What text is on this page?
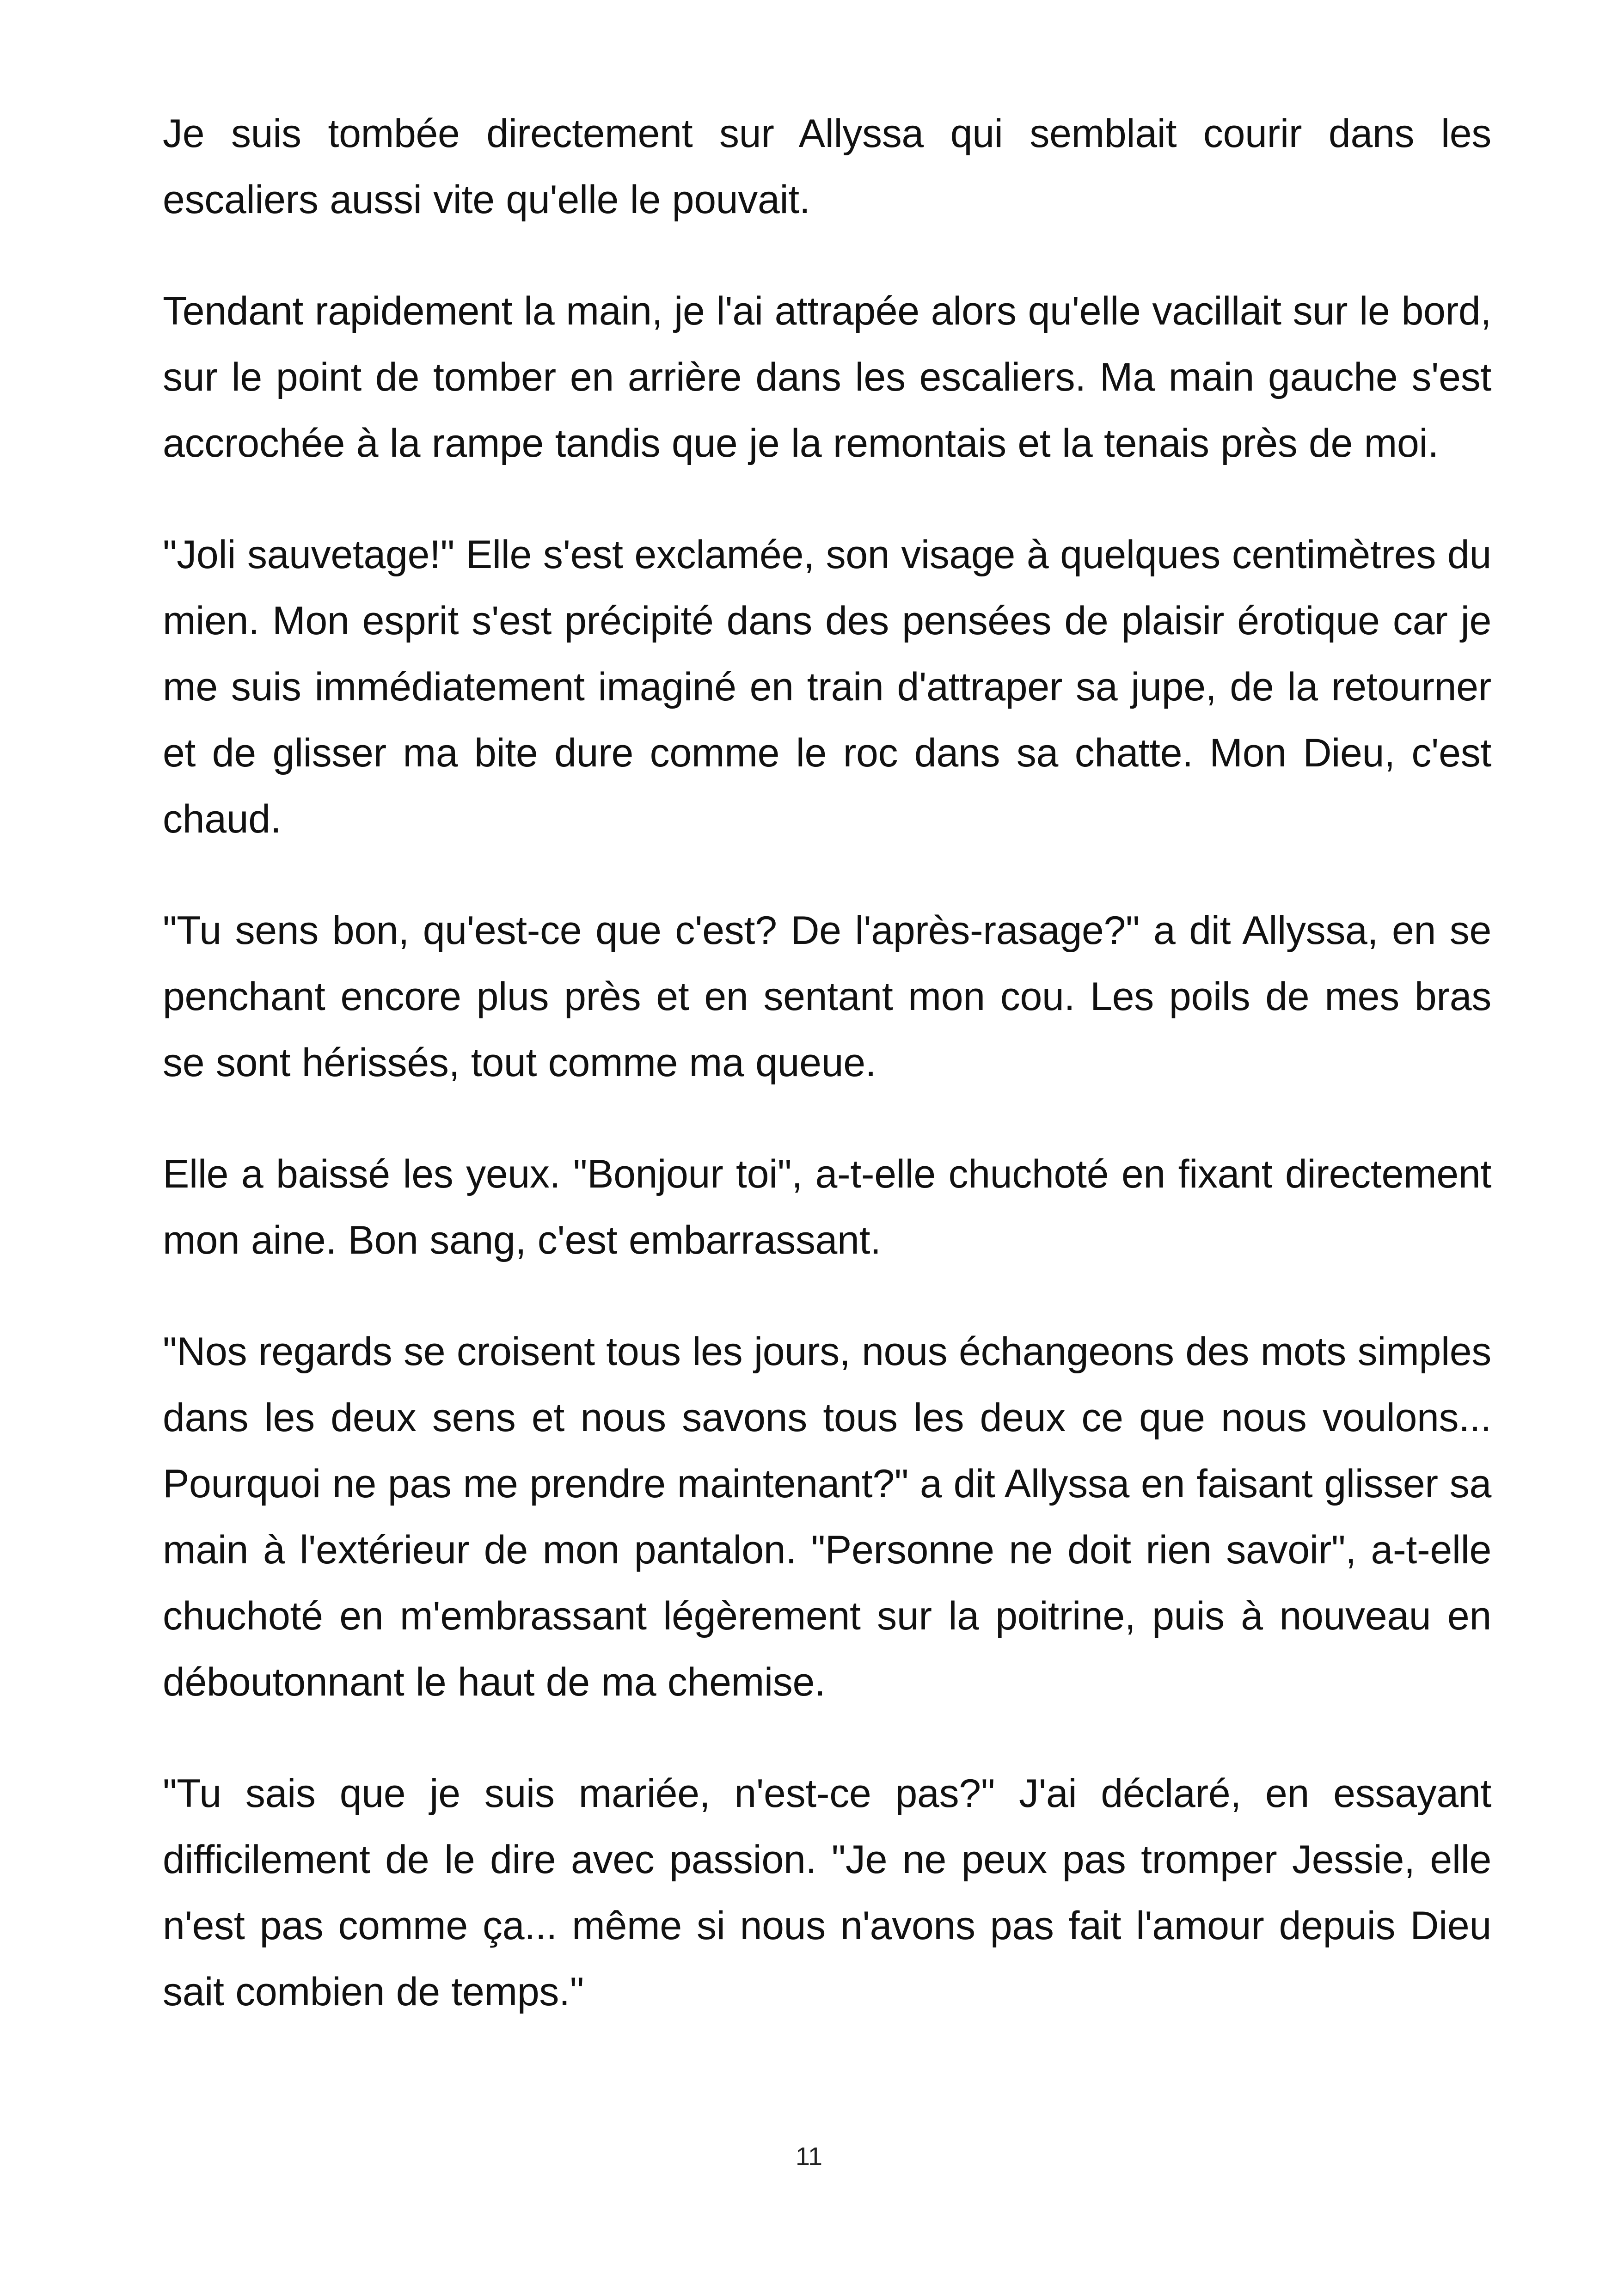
Je suis tombée directement sur Allyssa qui semblait courir dans les escaliers aussi vite qu'elle le pouvait.

Tendant rapidement la main, je l'ai attrapée alors qu'elle vacillait sur le bord, sur le point de tomber en arrière dans les escaliers. Ma main gauche s'est accrochée à la rampe tandis que je la remontais et la tenais près de moi.

"Joli sauvetage!" Elle s'est exclamée, son visage à quelques centimètres du mien. Mon esprit s'est précipité dans des pensées de plaisir érotique car je me suis immédiatement imaginé en train d'attraper sa jupe, de la retourner et de glisser ma bite dure comme le roc dans sa chatte. Mon Dieu, c'est chaud.

"Tu sens bon, qu'est-ce que c'est? De l'après-rasage?" a dit Allyssa, en se penchant encore plus près et en sentant mon cou. Les poils de mes bras se sont hérissés, tout comme ma queue.

Elle a baissé les yeux. "Bonjour toi", a-t-elle chuchoté en fixant directement mon aine. Bon sang, c'est embarrassant.

"Nos regards se croisent tous les jours, nous échangeons des mots simples dans les deux sens et nous savons tous les deux ce que nous voulons... Pourquoi ne pas me prendre maintenant?" a dit Allyssa en faisant glisser sa main à l'extérieur de mon pantalon. "Personne ne doit rien savoir", a-t-elle chuchoté en m'embrassant légèrement sur la poitrine, puis à nouveau en déboutonnant le haut de ma chemise.

"Tu sais que je suis mariée, n'est-ce pas?" J'ai déclaré, en essayant difficilement de le dire avec passion. "Je ne peux pas tromper Jessie, elle n'est pas comme ça... même si nous n'avons pas fait l'amour depuis Dieu sait combien de temps."

11
